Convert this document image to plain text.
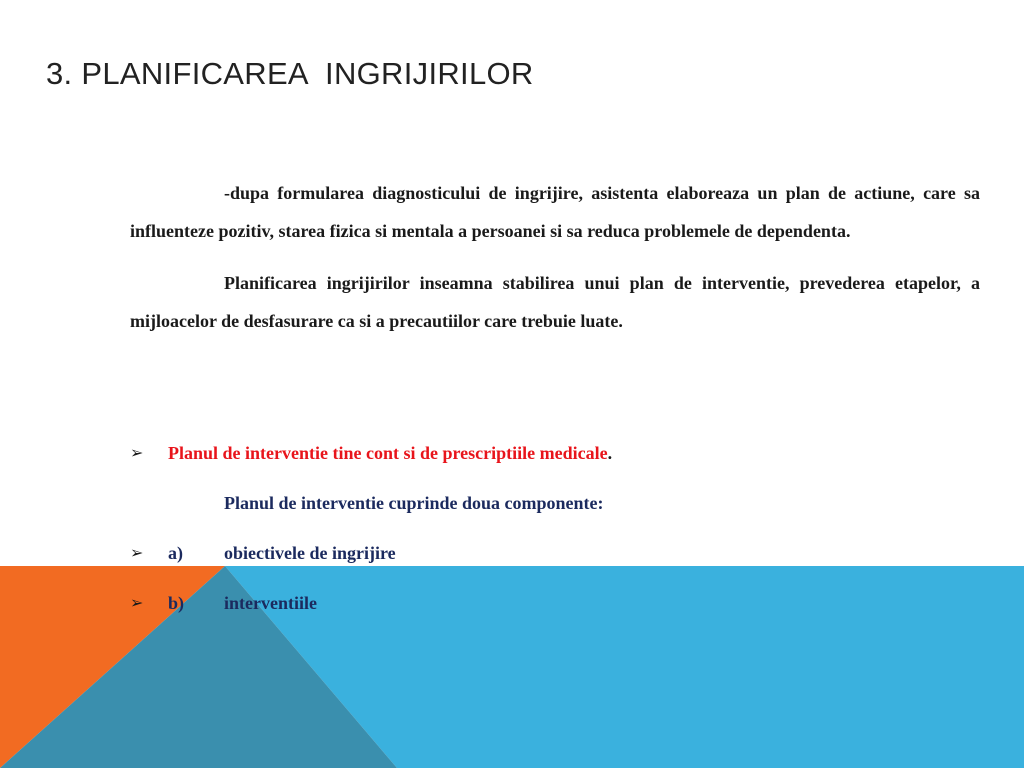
3. PLANIFICAREA  INGRIJIRILOR

-dupa formularea diagnosticului de ingrijire, asistenta elaboreaza un plan de actiune, care sa influenteze pozitiv, starea fizica si mentala a persoanei si sa reduca problemele de dependenta.

Planificarea ingrijirilor inseamna stabilirea unui plan de interventie, prevederea etapelor, a mijloacelor de desfasurare ca si a precautiilor care trebuie luate.

➢ Planul de interventie tine cont si de prescriptiile medicale.
Planul de interventie cuprinde doua componente:
➢ a) obiectivele de ingrijire
➢ b) interventiile
